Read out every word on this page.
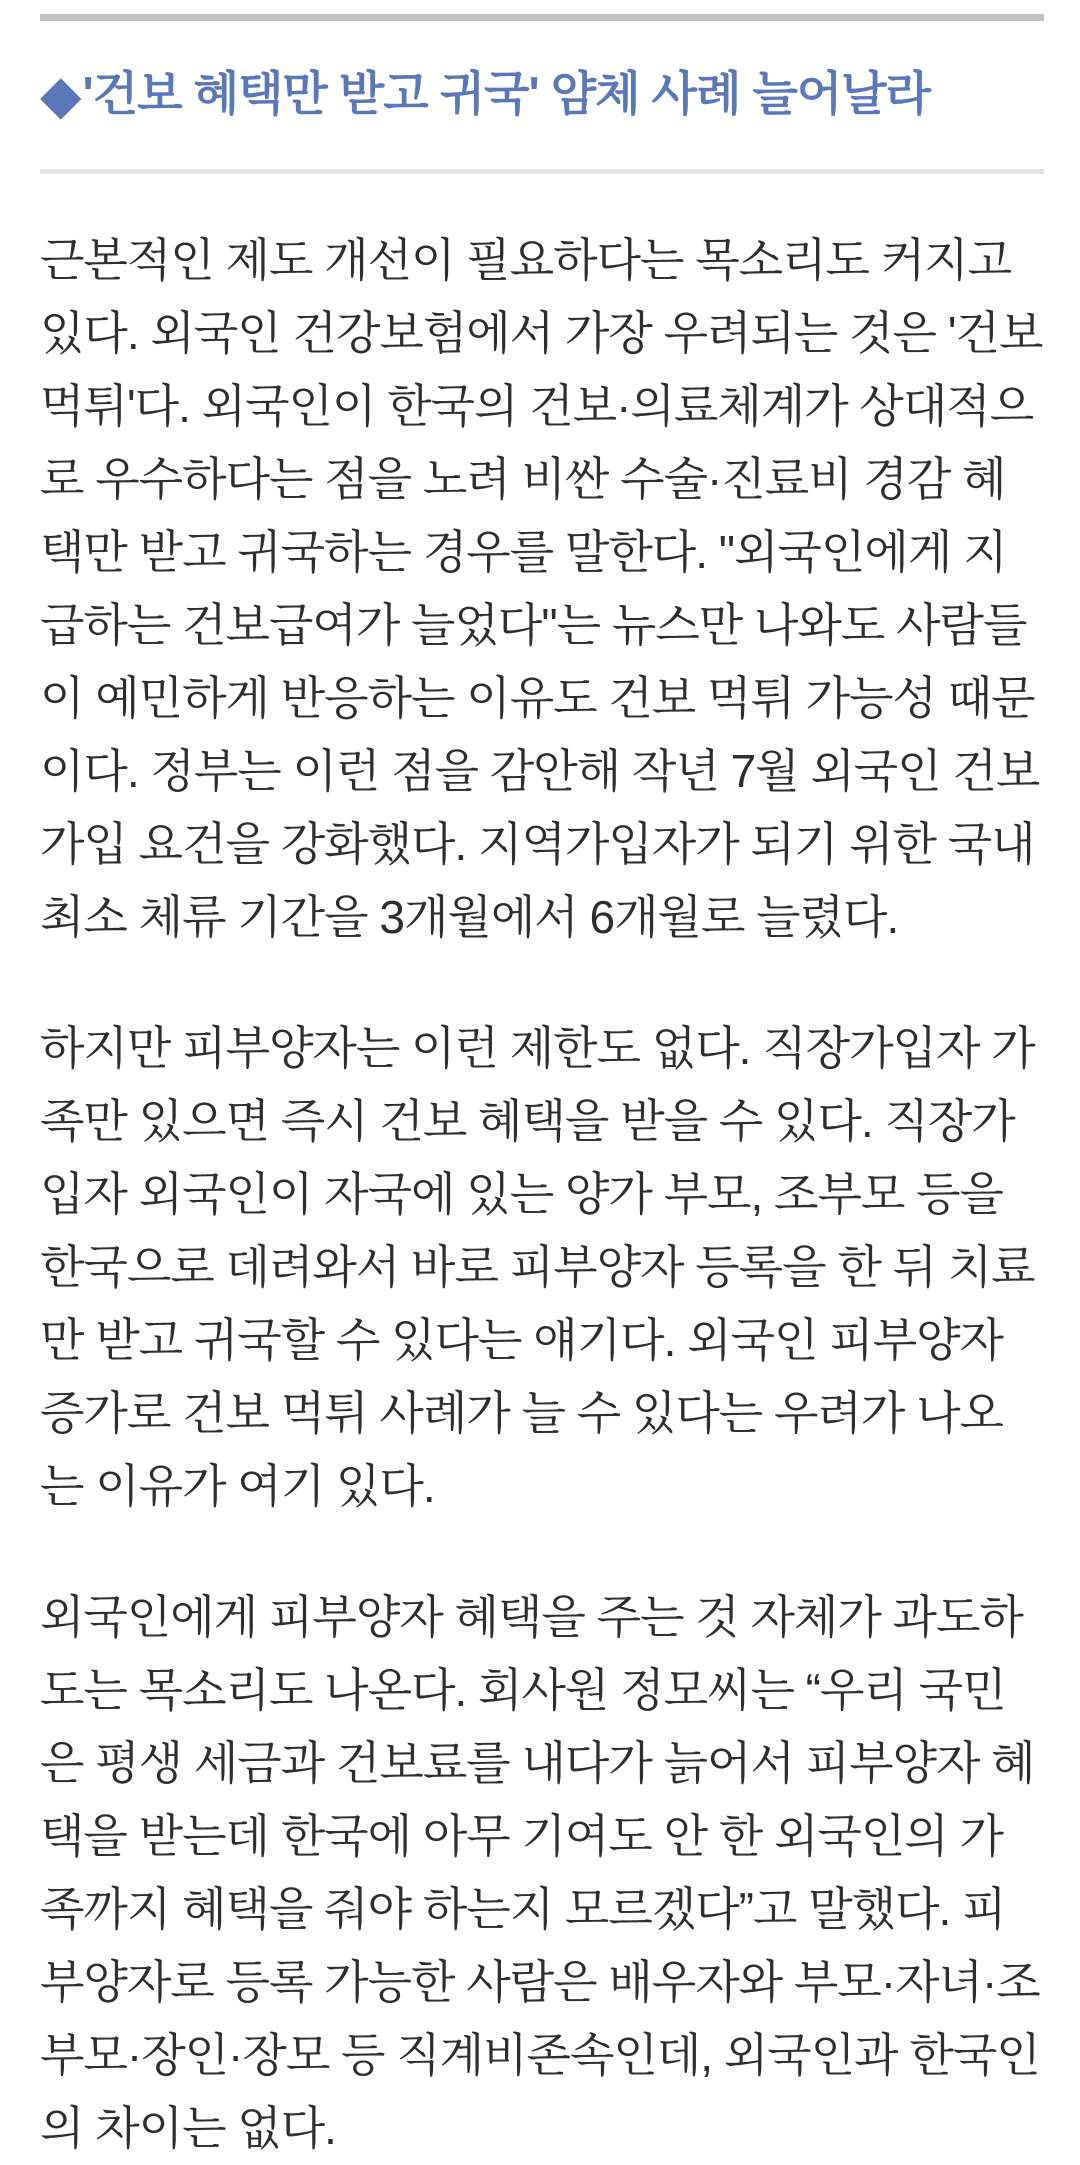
◆'건보 혜택만 받고 귀국' 얌체 사례 늘어날라

근본적인 제도 개선이 필요하다는 목소리도 커지고 있다. 외국인 건강보험에서 가장 우려되는 것은 '건보 먹튀'다. 외국인이 한국의 건보·의료체계가 상대적으로 우수하다는 점을 노려 비싼 수술·진료비 경감 혜택만 받고 귀국하는 경우를 말한다. "외국인에게 지급하는 건보급여가 늘었다"는 뉴스만 나와도 사람들이 예민하게 반응하는 이유도 건보 먹튀 가능성 때문이다. 정부는 이런 점을 감안해 작년 7월 외국인 건보 가입 요건을 강화했다. 지역가입자가 되기 위한 국내 최소 체류 기간을 3개월에서 6개월로 늘렸다.

하지만 피부양자는 이런 제한도 없다. 직장가입자 가족만 있으면 즉시 건보 혜택을 받을 수 있다. 직장가입자 외국인이 자국에 있는 양가 부모, 조부모 등을 한국으로 데려와서 바로 피부양자 등록을 한 뒤 치료만 받고 귀국할 수 있다는 얘기다. 외국인 피부양자 증가로 건보 먹튀 사례가 늘 수 있다는 우려가 나오는 이유가 여기 있다.

외국인에게 피부양자 혜택을 주는 것 자체가 과도하도는 목소리도 나온다. 회사원 정모씨는 “우리 국민은 평생 세금과 건보료를 내다가 늙어서 피부양자 혜택을 받는데 한국에 아무 기여도 안 한 외국인의 가족까지 혜택을 줘야 하는지 모르겠다”고 말했다. 피부양자로 등록 가능한 사람은 배우자와 부모·자녀·조부모·장인·장모 등 직계비존속인데, 외국인과 한국인의 차이는 없다.
